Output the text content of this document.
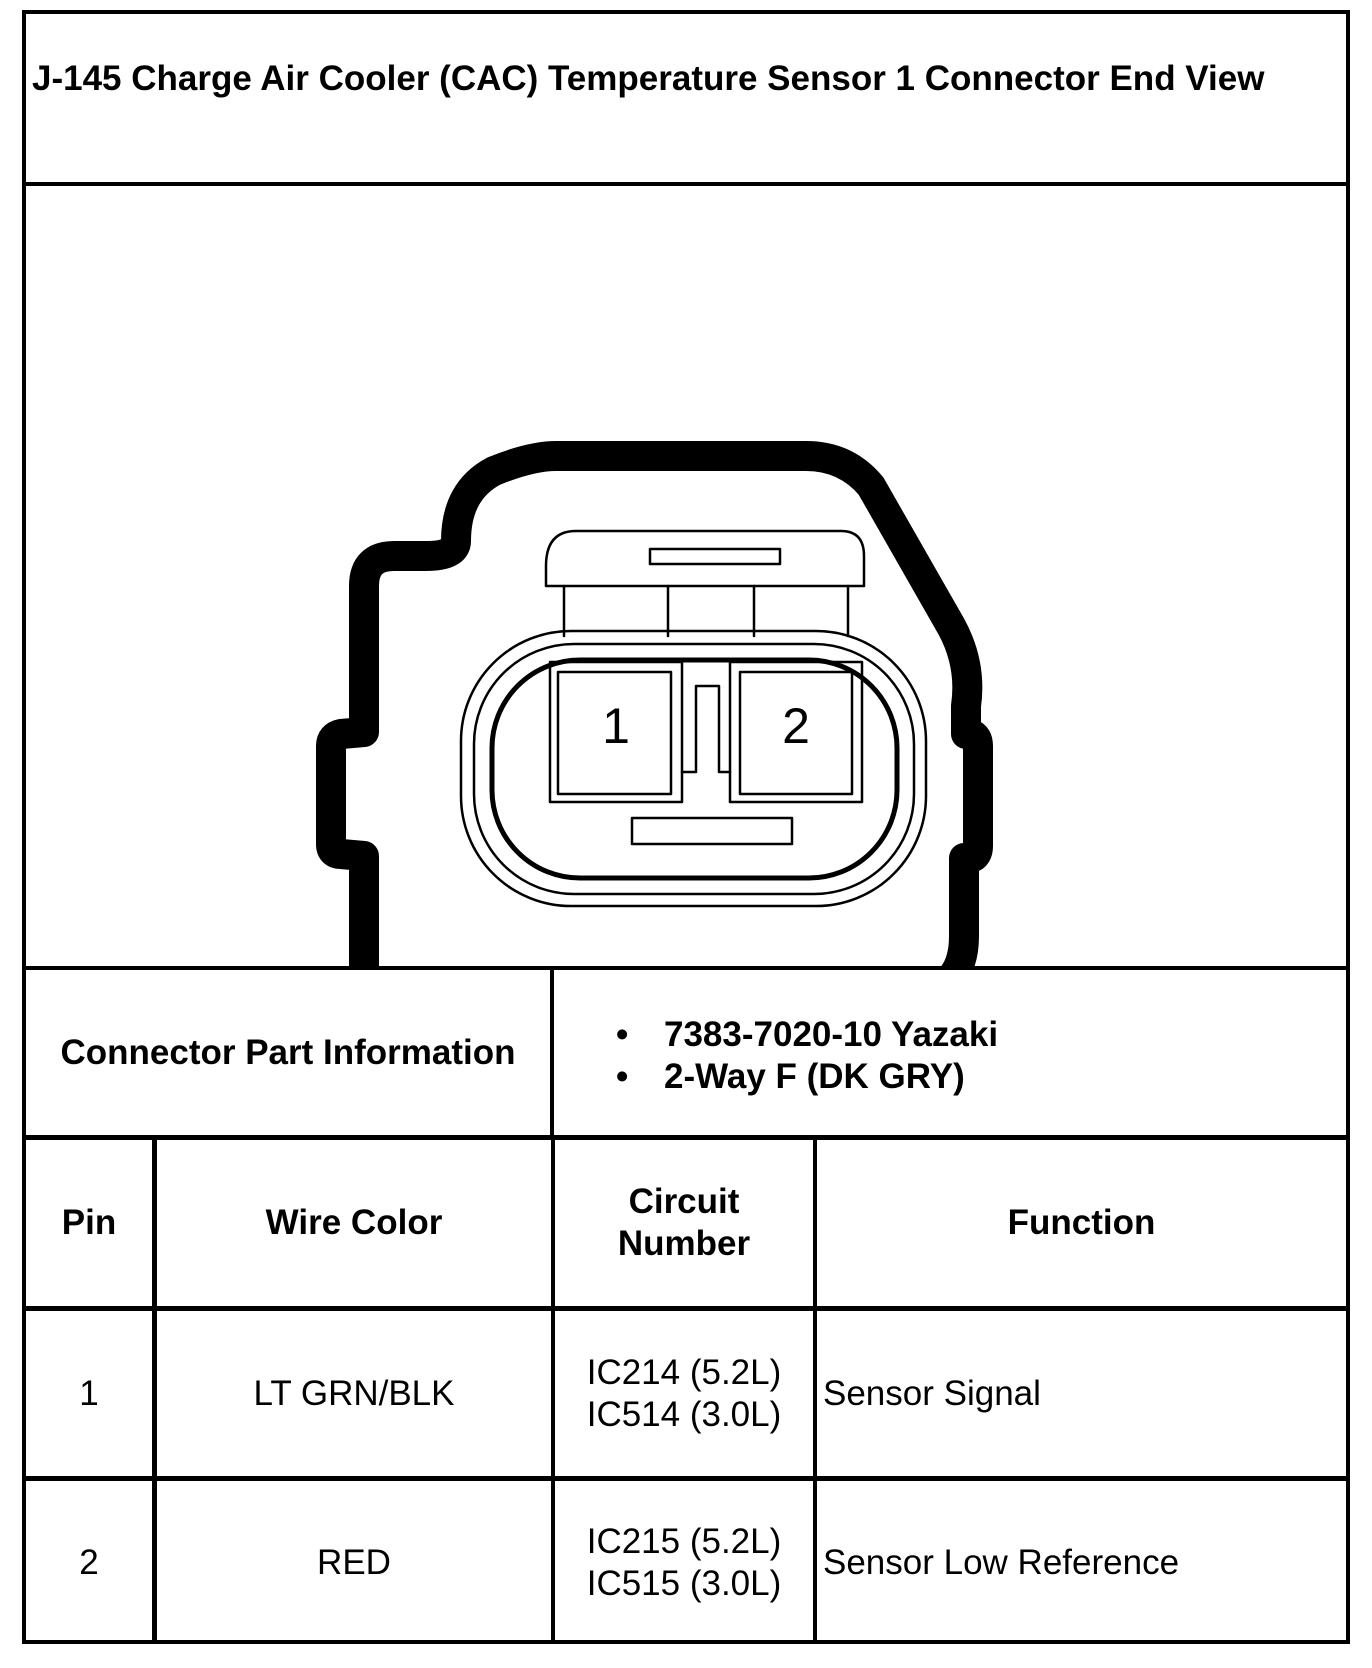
J-145 Charge Air Cooler (CAC) Temperature Sensor 1 Connector End View
1	2
Connector Part Information
•	7383-7020-10 Yazaki
• 2-Way F (DK GRY)
Pin	Wire Color
Circuit
Number
Function
1	LT GRN/BLK
IC214 (5.2L)
IC514 (3.0L)
Sensor Signal
2	RED
IC215 (5.2L)
IC515 (3.0L)
Sensor Low Reference
